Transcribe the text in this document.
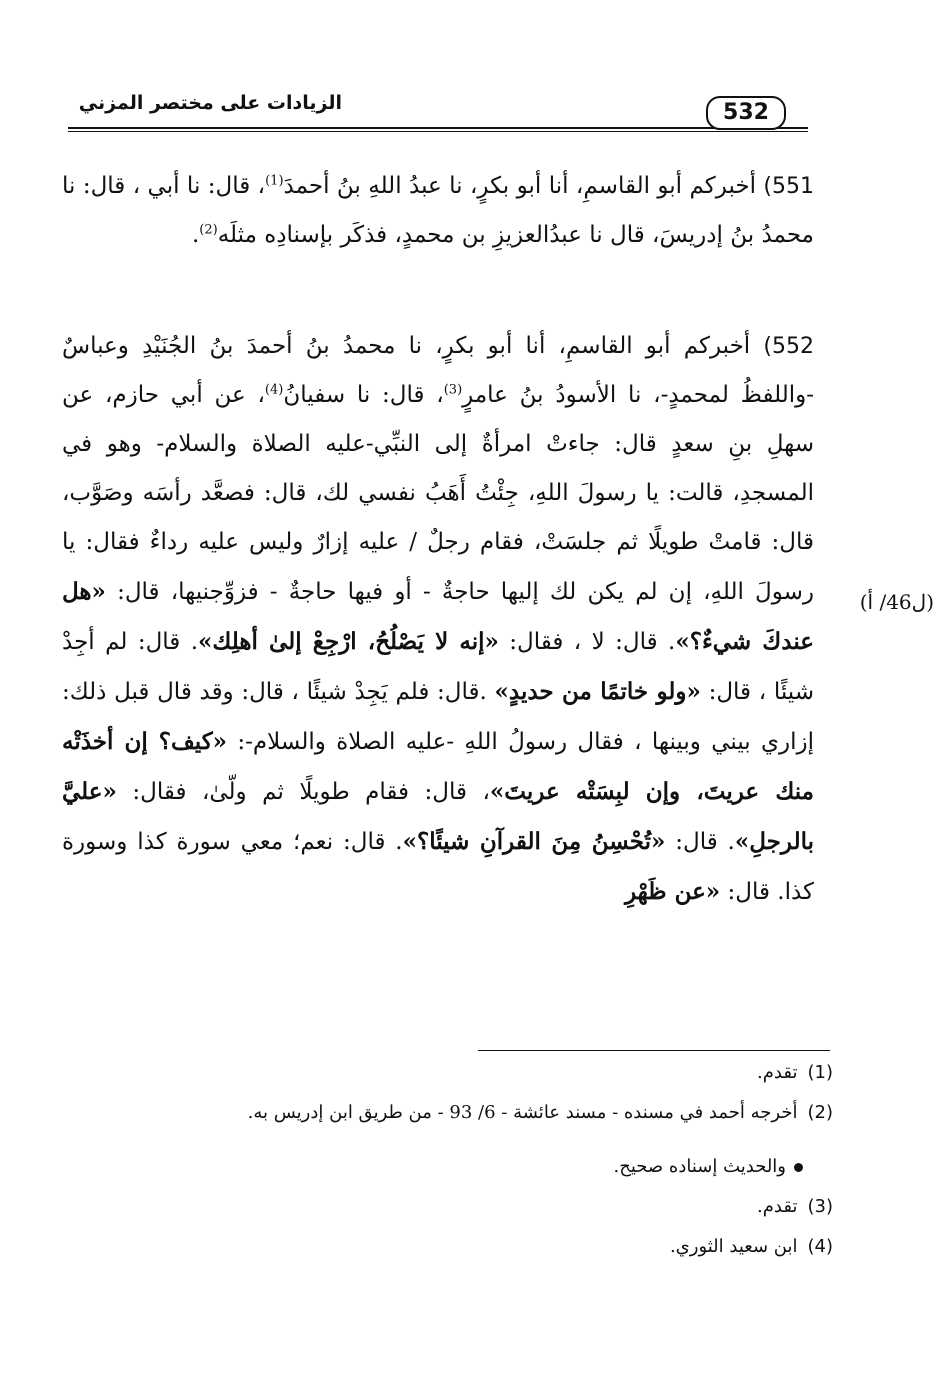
الزيادات على مختصر المزني	532
551) أخبركم أبو القاسمِ، أنا أبو بكرٍ، نا عبدُ اللهِ بنُ أحمدَ$^{(1)}$، قال: نا أبي ، قال: نا محمدُ بنُ إدريسَ، قال نا عبدُالعزيزِ بن محمدٍ، فذكَر بإسنادِه مثلَه$^{(2)}$.
552) أخبركم أبو القاسمِ، أنا أبو بكرٍ، نا محمدُ بنُ أحمدَ بنُ الجُنَيْدِ وعباسٌ -واللفظُ لمحمدٍ-، نا الأسودُ بنُ عامرٍ$^{(3)}$، قال: نا سفيانُ$^{(4)}$، عن أبي حازم، عن سهلِ بنِ سعدٍ قال: جاءتْ امرأةٌ إلى النبِّي-عليه الصلاة والسلام- وهو في المسجدِ، قالت: يا رسولَ اللهِ، جِئْتُ أَهَبُ نفسي لك، قال: فصعَّد رأسَه وصَوَّب، قال: قامتْ طويلًا ثم جلسَتْ، فقام رجلٌ / عليه إزارٌ وليس عليه رداءٌ فقال: يا رسولَ اللهِ، إن لم يكن لك إليها حاجةٌ - أو فيها حاجةٌ - فزوِّجنيها، قال: «هل عندكَ شيءٌ؟». قال: لا ، فقال: «إنه لا يَصْلُحُ، ارْجِعْ إلىٰ أهلِك». قال: لم أجِدْ شيئًا ، قال: «ولو خاتمًا من حديدٍ» .قال: فلم يَجِدْ شيئًا ، قال: وقد قال قبل ذلك: إزاري بيني وبينها ، فقال رسولُ اللهِ -عليه الصلاة والسلام-: «كيف؟ إن أخذَتْه منك عريتَ، وإن لبِسَتْه عريتَ»، قال: فقام طويلًا ثم ولّىٰ، فقال: «عليَّ بالرجلِ». قال: «تُحْسِنُ مِنَ القرآنِ شيئًا؟». قال: نعم؛ معي سورة كذا وسورة كذا. قال: «عن ظَهْرِ
(ل46/ أ)
(1)تقدم.
(2)أخرجه أحمد في مسنده - مسند عائشة - 6/ 93 - من طريق ابن إدريس به.
والحديث إسناده صحيح.
(3)تقدم.
(4)ابن سعيد الثوري.
